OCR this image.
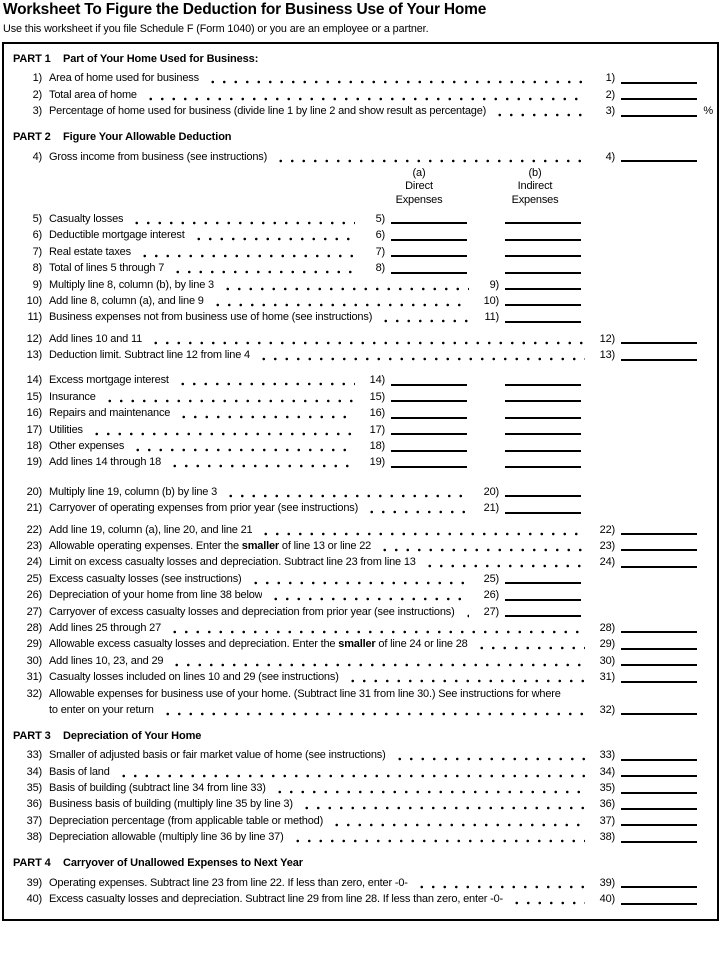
Worksheet To Figure the Deduction for Business Use of Your Home

Use this worksheet if you file Schedule F (Form 1040) or you are an employee or a partner.

PART 1	Part of Your Home Used for Business:
1) Area of home used for business	1)
2) Total area of home	2)
3) Percentage of home used for business (divide line 1 by line 2 and show result as percentage)	3)	%
PART 2	Figure Your Allowable Deduction
4) Gross income from business (see instructions)	4)
(a)
Direct
Expenses
(b)
Indirect
Expenses
5) Casualty losses	5)
6) Deductible mortgage interest	6)
7) Real estate taxes	7)
8) Total of lines 5 through 7	8)
9) Multiply line 8, column (b), by line 3	9)
10) Add line 8, column (a), and line 9	10)
11) Business expenses not from business use of home (see instructions)	11)
12) Add lines 10 and 11	12)
13) Deduction limit. Subtract line 12 from line 4	13)
14) Excess mortgage interest	14)
15) Insurance	15)
16) Repairs and maintenance	16)
17) Utilities	17)
18) Other expenses	18)
19) Add lines 14 through 18	19)
20) Multiply line 19, column (b) by line 3	20)
21) Carryover of operating expenses from prior year (see instructions)	21)
22) Add line 19, column (a), line 20, and line 21	22)
23) Allowable operating expenses. Enter the smaller of line 13 or line 22	23)
24) Limit on excess casualty losses and depreciation. Subtract line 23 from line 13	24)
25) Excess casualty losses (see instructions)	25)
26) Depreciation of your home from line 38 below	26)
27) Carryover of excess casualty losses and depreciation from prior year (see instructions)	27)
28) Add lines 25 through 27	28)
29) Allowable excess casualty losses and depreciation. Enter the smaller of line 24 or line 28	29)
30) Add lines 10, 23, and 29	30)
31) Casualty losses included on lines 10 and 29 (see instructions)	31)
32) Allowable expenses for business use of your home. (Subtract line 31 from line 30.) See instructions for where
to enter on your return	32)
PART 3	Depreciation of Your Home
33) Smaller of adjusted basis or fair market value of home (see instructions)	33)
34) Basis of land	34)
35) Basis of building (subtract line 34 from line 33)	35)
36) Business basis of building (multiply line 35 by line 3)	36)
37) Depreciation percentage (from applicable table or method)	37)
38) Depreciation allowable (multiply line 36 by line 37)	38)
PART 4	Carryover of Unallowed Expenses to Next Year
39) Operating expenses. Subtract line 23 from line 22. If less than zero, enter -0-	39)
40) Excess casualty losses and depreciation. Subtract line 29 from line 28. If less than zero, enter -0-	40)
